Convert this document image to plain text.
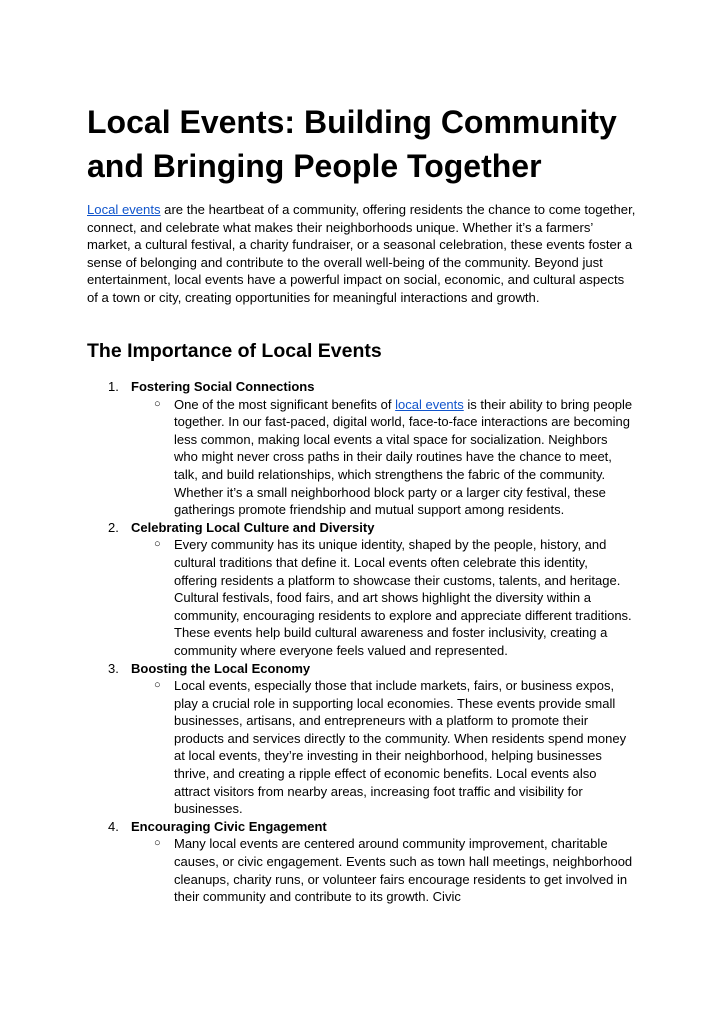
Local Events: Building Community and Bringing People Together

Local events are the heartbeat of a community, offering residents the chance to come together, connect, and celebrate what makes their neighborhoods unique. Whether it’s a farmers’ market, a cultural festival, a charity fundraiser, or a seasonal celebration, these events foster a sense of belonging and contribute to the overall well-being of the community. Beyond just entertainment, local events have a powerful impact on social, economic, and cultural aspects of a town or city, creating opportunities for meaningful interactions and growth.

The Importance of Local Events
1. Fostering Social Connections
○ One of the most significant benefits of local events is their ability to bring people together. In our fast-paced, digital world, face-to-face interactions are becoming less common, making local events a vital space for socialization. Neighbors who might never cross paths in their daily routines have the chance to meet, talk, and build relationships, which strengthens the fabric of the community. Whether it’s a small neighborhood block party or a larger city festival, these gatherings promote friendship and mutual support among residents.

2. Celebrating Local Culture and Diversity
○ Every community has its unique identity, shaped by the people, history, and cultural traditions that define it. Local events often celebrate this identity, offering residents a platform to showcase their customs, talents, and heritage. Cultural festivals, food fairs, and art shows highlight the diversity within a community, encouraging residents to explore and appreciate different traditions. These events help build cultural awareness and foster inclusivity, creating a community where everyone feels valued and represented.

3. Boosting the Local Economy
○ Local events, especially those that include markets, fairs, or business expos, play a crucial role in supporting local economies. These events provide small businesses, artisans, and entrepreneurs with a platform to promote their products and services directly to the community. When residents spend money at local events, they’re investing in their neighborhood, helping businesses thrive, and creating a ripple effect of economic benefits. Local events also attract visitors from nearby areas, increasing foot traffic and visibility for businesses.

4. Encouraging Civic Engagement
○ Many local events are centered around community improvement, charitable causes, or civic engagement. Events such as town hall meetings, neighborhood cleanups, charity runs, or volunteer fairs encourage residents to get involved in their community and contribute to its growth. Civic
